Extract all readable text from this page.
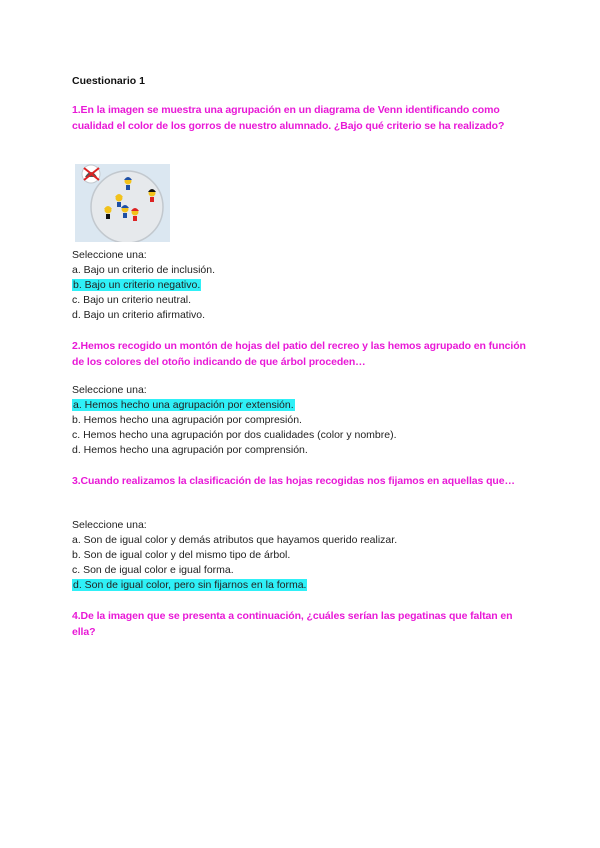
Cuestionario 1
1.En la imagen se muestra una agrupación en un diagrama de Venn identificando como cualidad el color de los gorros de nuestro alumnado. ¿Bajo qué criterio se ha realizado?
Seleccione una:
a. Bajo un criterio de inclusión.
b. Bajo un criterio negativo.
c. Bajo un criterio neutral.
d. Bajo un criterio afirmativo.
2.Hemos recogido un montón de hojas del patio del recreo y las hemos agrupado en función de los colores del otoño indicando de que árbol proceden…
Seleccione una:
a. Hemos hecho una agrupación por extensión.
b. Hemos hecho una agrupación por compresión.
c. Hemos hecho una agrupación por dos cualidades (color y nombre).
d. Hemos hecho una agrupación por comprensión.
3.Cuando realizamos la clasificación de las hojas recogidas nos fijamos en aquellas que…
Seleccione una:
a. Son de igual color y demás atributos que hayamos querido realizar.
b. Son de igual color y del mismo tipo de árbol.
c. Son de igual color e igual forma.
d. Son de igual color, pero sin fijarnos en la forma.
4.De la imagen que se presenta a continuación, ¿cuáles serían las pegatinas que faltan en ella?
